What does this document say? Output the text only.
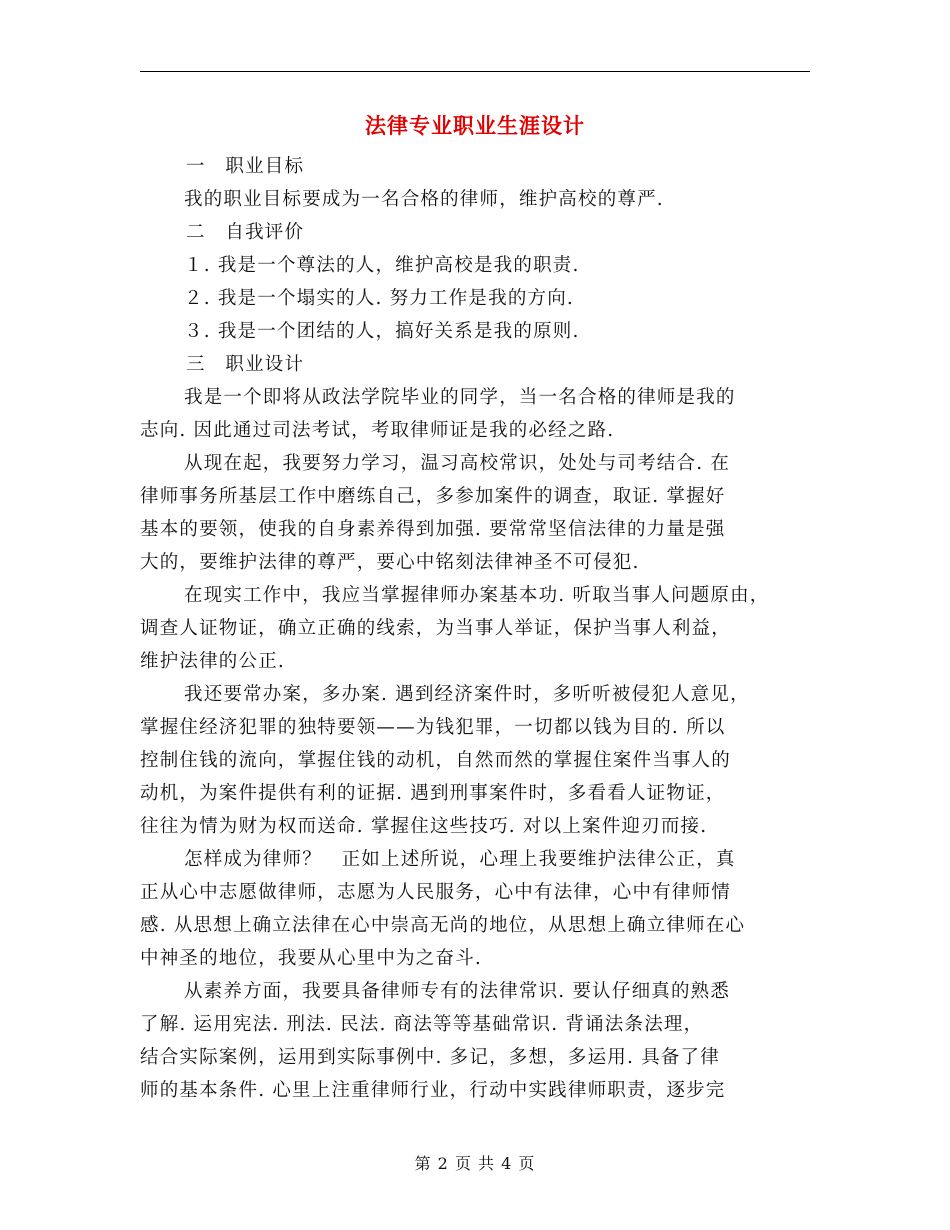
法律专业职业生涯设计
一　职业目标
我的职业目标要成为一名合格的律师，维护高校的尊严.
二　自我评价
１. 我是一个尊法的人，维护高校是我的职责.
２. 我是一个塌实的人. 努力工作是我的方向.
３. 我是一个团结的人，搞好关系是我的原则.
三　职业设计
我是一个即将从政法学院毕业的同学，当一名合格的律师是我的
志向. 因此通过司法考试，考取律师证是我的必经之路.
从现在起，我要努力学习，温习高校常识，处处与司考结合. 在
律师事务所基层工作中磨练自己，多参加案件的调查，取证. 掌握好
基本的要领，使我的自身素养得到加强. 要常常坚信法律的力量是强
大的，要维护法律的尊严，要心中铭刻法律神圣不可侵犯.
在现实工作中，我应当掌握律师办案基本功. 听取当事人问题原由，
调查人证物证，确立正确的线索，为当事人举证，保护当事人利益，
维护法律的公正.
我还要常办案，多办案. 遇到经济案件时，多听听被侵犯人意见，
掌握住经济犯罪的独特要领——为钱犯罪，一切都以钱为目的. 所以
控制住钱的流向，掌握住钱的动机，自然而然的掌握住案件当事人的
动机，为案件提供有利的证据. 遇到刑事案件时，多看看人证物证，
往往为情为财为权而送命. 掌握住这些技巧. 对以上案件迎刃而接.
怎样成为律师？　正如上述所说，心理上我要维护法律公正，真
正从心中志愿做律师，志愿为人民服务，心中有法律，心中有律师情
感. 从思想上确立法律在心中崇高无尚的地位，从思想上确立律师在心
中神圣的地位，我要从心里中为之奋斗.
从素养方面，我要具备律师专有的法律常识. 要认仔细真的熟悉
了解. 运用宪法. 刑法. 民法. 商法等等基础常识. 背诵法条法理，
结合实际案例，运用到实际事例中. 多记，多想，多运用. 具备了律
师的基本条件. 心里上注重律师行业，行动中实践律师职责，逐步完
第 2 页 共 4 页
